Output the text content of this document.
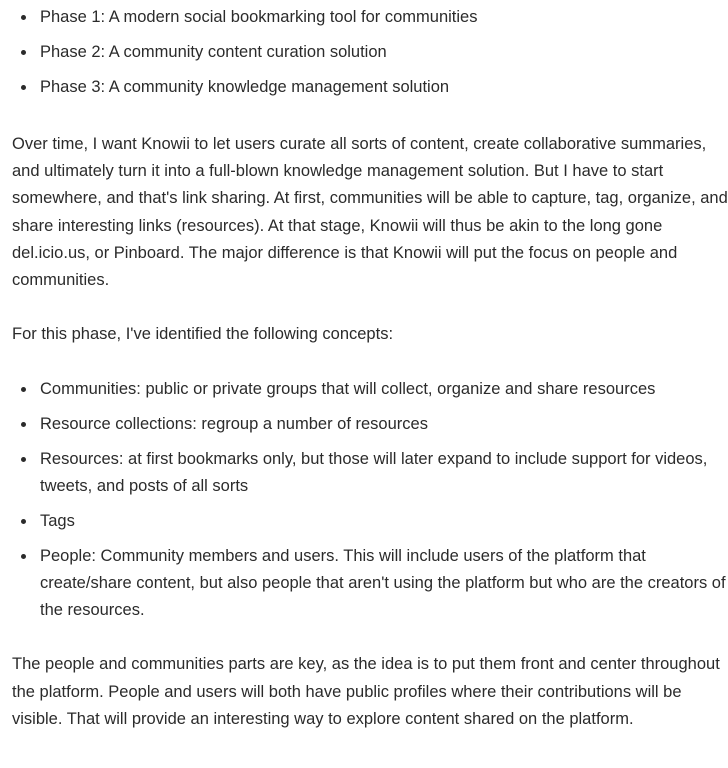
Phase 1: A modern social bookmarking tool for communities
Phase 2: A community content curation solution
Phase 3: A community knowledge management solution

Over time, I want Knowii to let users curate all sorts of content, create collaborative summaries, and ultimately turn it into a full-blown knowledge management solution. But I have to start somewhere, and that's link sharing. At first, communities will be able to capture, tag, organize, and share interesting links (resources). At that stage, Knowii will thus be akin to the long gone del.icio.us, or Pinboard. The major difference is that Knowii will put the focus on people and communities.

For this phase, I've identified the following concepts:

Communities: public or private groups that will collect, organize and share resources
Resource collections: regroup a number of resources
Resources: at first bookmarks only, but those will later expand to include support for videos, tweets, and posts of all sorts
Tags
People: Community members and users. This will include users of the platform that create/share content, but also people that aren't using the platform but who are the creators of the resources.

The people and communities parts are key, as the idea is to put them front and center throughout the platform. People and users will both have public profiles where their contributions will be visible. That will provide an interesting way to explore content shared on the platform.
